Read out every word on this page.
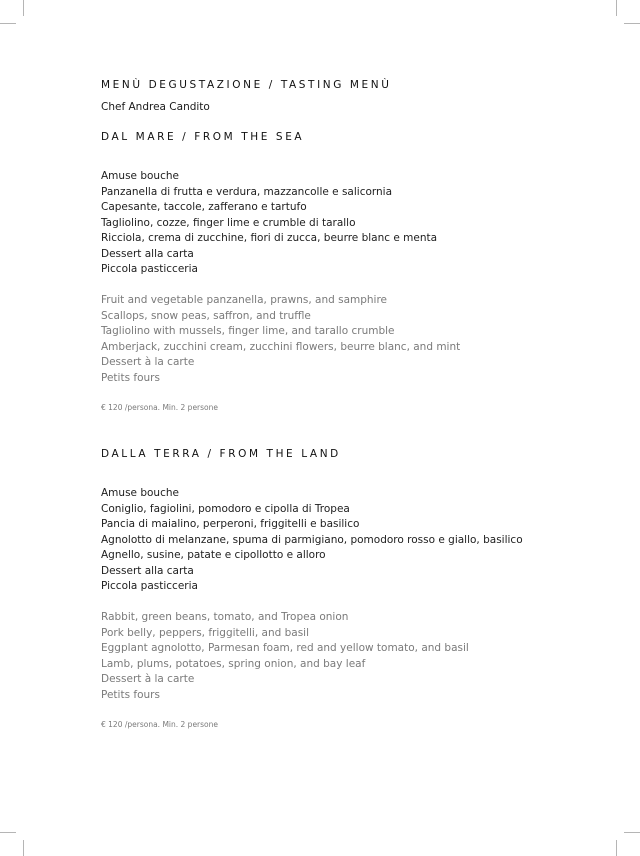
MENÙ DEGUSTAZIONE / TASTING MENÙ
Chef Andrea Candito
DAL MARE / FROM THE SEA
Amuse bouche
Panzanella di frutta e verdura, mazzancolle e salicornia
Capesante, taccole, zafferano e tartufo
Tagliolino, cozze, finger lime e crumble di tarallo
Ricciola, crema di zucchine, fiori di zucca, beurre blanc e menta
Dessert alla carta
Piccola pasticceria
Fruit and vegetable panzanella, prawns, and samphire
Scallops, snow peas, saffron, and truffle
Tagliolino with mussels, finger lime, and tarallo crumble
Amberjack, zucchini cream, zucchini flowers, beurre blanc, and mint
Dessert à la carte
Petits fours
€ 120 /persona. Min. 2 persone
DALLA TERRA / FROM THE LAND
Amuse bouche
Coniglio, fagiolini, pomodoro e cipolla di Tropea
Pancia di maialino, perperoni, friggitelli e basilico
Agnolotto di melanzane, spuma di parmigiano, pomodoro rosso e giallo, basilico
Agnello, susine, patate e cipollotto e alloro
Dessert alla carta
Piccola pasticceria
Rabbit, green beans, tomato, and Tropea onion
Pork belly, peppers, friggitelli, and basil
Eggplant agnolotto, Parmesan foam, red and yellow tomato, and basil
Lamb, plums, potatoes, spring onion, and bay leaf
Dessert à la carte
Petits fours
€ 120 /persona. Min. 2 persone
